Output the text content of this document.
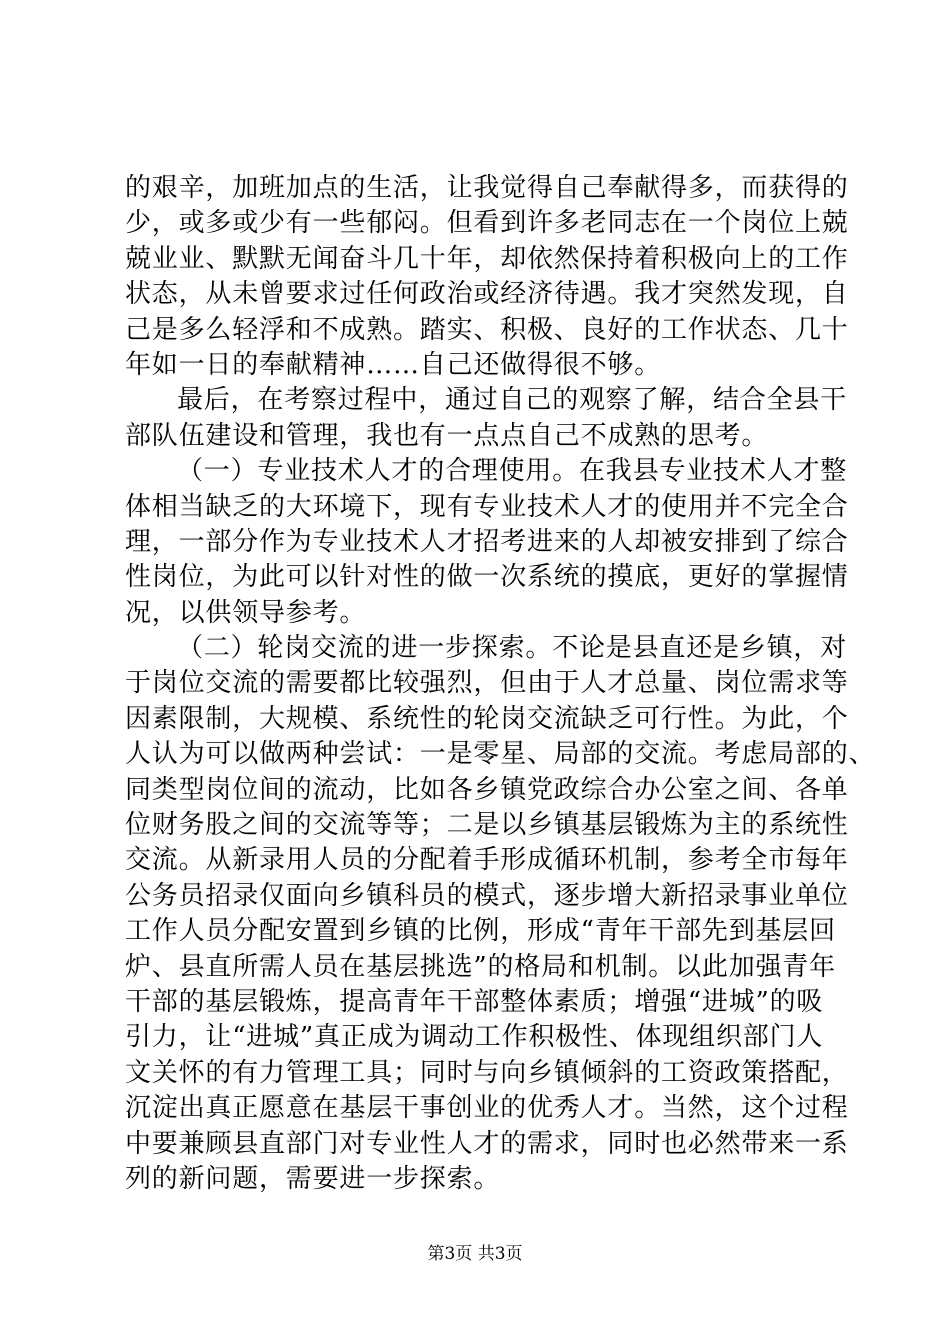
的艰辛，加班加点的生活，让我觉得自己奉献得多，而获得的
少，或多或少有一些郁闷。但看到许多老同志在一个岗位上兢
兢业业、默默无闻奋斗几十年，却依然保持着积极向上的工作
状态，从未曾要求过任何政治或经济待遇。我才突然发现，自
己是多么轻浮和不成熟。踏实、积极、良好的工作状态、几十
年如一日的奉献精神……自己还做得很不够。
最后，在考察过程中，通过自己的观察了解，结合全县干
部队伍建设和管理，我也有一点点自己不成熟的思考。
（一）专业技术人才的合理使用。在我县专业技术人才整
体相当缺乏的大环境下，现有专业技术人才的使用并不完全合
理，一部分作为专业技术人才招考进来的人却被安排到了综合
性岗位，为此可以针对性的做一次系统的摸底，更好的掌握情
况，以供领导参考。
（二）轮岗交流的进一步探索。不论是县直还是乡镇，对
于岗位交流的需要都比较强烈，但由于人才总量、岗位需求等
因素限制，大规模、系统性的轮岗交流缺乏可行性。为此，个
人认为可以做两种尝试：一是零星、局部的交流。考虑局部的、
同类型岗位间的流动，比如各乡镇党政综合办公室之间、各单
位财务股之间的交流等等；二是以乡镇基层锻炼为主的系统性
交流。从新录用人员的分配着手形成循环机制，参考全市每年
公务员招录仅面向乡镇科员的模式，逐步增大新招录事业单位
工作人员分配安置到乡镇的比例，形成“青年干部先到基层回
炉、县直所需人员在基层挑选”的格局和机制。以此加强青年
干部的基层锻炼，提高青年干部整体素质；增强“进城”的吸
引力，让“进城”真正成为调动工作积极性、体现组织部门人
文关怀的有力管理工具；同时与向乡镇倾斜的工资政策搭配，
沉淀出真正愿意在基层干事创业的优秀人才。当然，这个过程
中要兼顾县直部门对专业性人才的需求，同时也必然带来一系
列的新问题，需要进一步探索。
第3页 共3页
